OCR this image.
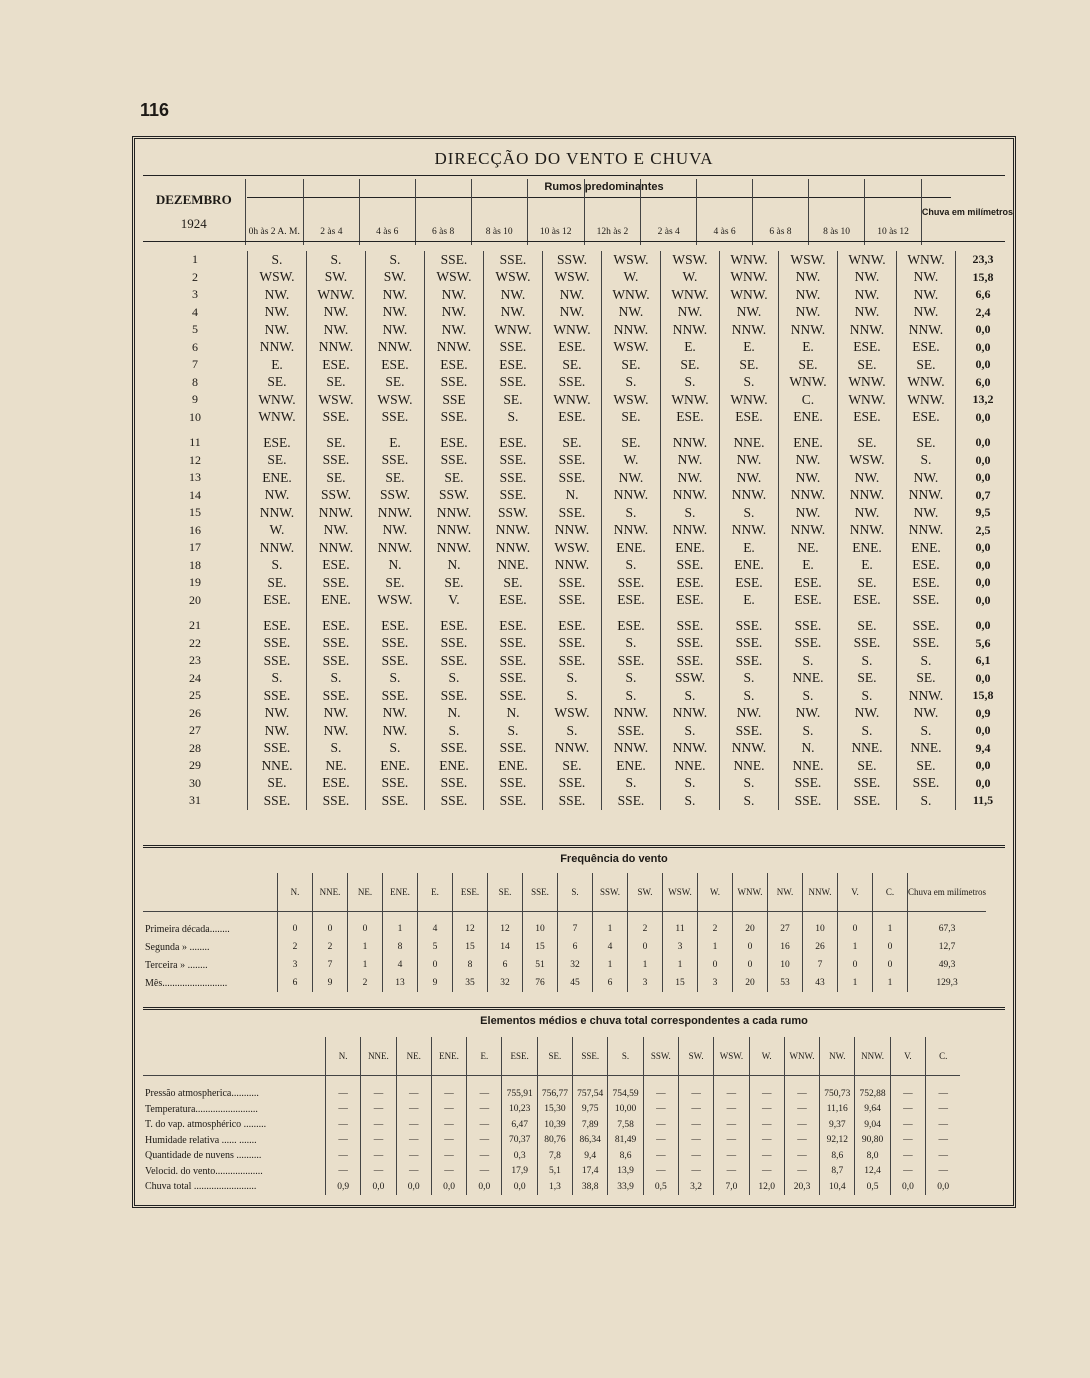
116
DIRECÇÃO DO VENTO E CHUVA
Rumos predominantes
DEZEMBRO
1924
	0h às 2 A. M.	2 às 4	4 às 6	6 às 8	8 às 10	10 às 12	12h às 2	2 às 4	4 às 6	6 às 8	8 às 10	10 às 12	Chuva em milímetros
1	S.	S.	S.	SSE.	SSE.	SSW.	WSW.	WSW.	WNW.	WSW.	WNW.	WNW.	23,3
2	WSW.	SW.	SW.	WSW.	WSW.	WSW.	W.	W.	WNW.	NW.	NW.	NW.	15,8
3	NW.	WNW.	NW.	NW.	NW.	NW.	WNW.	WNW.	WNW.	NW.	NW.	NW.	6,6
4	NW.	NW.	NW.	NW.	NW.	NW.	NW.	NW.	NW.	NW.	NW.	NW.	2,4
5	NW.	NW.	NW.	NW.	WNW.	WNW.	NNW.	NNW.	NNW.	NNW.	NNW.	NNW.	0,0
6	NNW.	NNW.	NNW.	NNW.	SSE.	ESE.	WSW.	E.	E.	E.	ESE.	ESE.	0,0
7	E.	ESE.	ESE.	ESE.	ESE.	SE.	SE.	SE.	SE.	SE.	SE.	SE.	0,0
8	SE.	SE.	SE.	SSE.	SSE.	SSE.	S.	S.	S.	WNW.	WNW.	WNW.	6,0
9	WNW.	WSW.	WSW.	SSE	SE.	WNW.	WSW.	WNW.	WNW.	C.	WNW.	WNW.	13,2
10	WNW.	SSE.	SSE.	SSE.	S.	ESE.	SE.	ESE.	ESE.	ENE.	ESE.	ESE.	0,0

11	ESE.	SE.	E.	ESE.	ESE.	SE.	SE.	NNW.	NNE.	ENE.	SE.	SE.	0,0
12	SE.	SSE.	SSE.	SSE.	SSE.	SSE.	W.	NW.	NW.	NW.	WSW.	S.	0,0
13	ENE.	SE.	SE.	SE.	SSE.	SSE.	NW.	NW.	NW.	NW.	NW.	NW.	0,0
14	NW.	SSW.	SSW.	SSW.	SSE.	N.	NNW.	NNW.	NNW.	NNW.	NNW.	NNW.	0,7
15	NNW.	NNW.	NNW.	NNW.	SSW.	SSE.	S.	S.	S.	NW.	NW.	NW.	9,5
16	W.	NW.	NW.	NNW.	NNW.	NNW.	NNW.	NNW.	NNW.	NNW.	NNW.	NNW.	2,5
17	NNW.	NNW.	NNW.	NNW.	NNW.	WSW.	ENE.	ENE.	E.	NE.	ENE.	ENE.	0,0
18	S.	ESE.	N.	N.	NNE.	NNW.	S.	SSE.	ENE.	E.	E.	ESE.	0,0
19	SE.	SSE.	SE.	SE.	SE.	SSE.	SSE.	ESE.	ESE.	ESE.	SE.	ESE.	0,0
20	ESE.	ENE.	WSW.	V.	ESE.	SSE.	ESE.	ESE.	E.	ESE.	ESE.	SSE.	0,0

21	ESE.	ESE.	ESE.	ESE.	ESE.	ESE.	ESE.	SSE.	SSE.	SSE.	SE.	SSE.	0,0
22	SSE.	SSE.	SSE.	SSE.	SSE.	SSE.	S.	SSE.	SSE.	SSE.	SSE.	SSE.	5,6
23	SSE.	SSE.	SSE.	SSE.	SSE.	SSE.	SSE.	SSE.	SSE.	S.	S.	S.	6,1
24	S.	S.	S.	S.	SSE.	S.	S.	SSW.	S.	NNE.	SE.	SE.	0,0
25	SSE.	SSE.	SSE.	SSE.	SSE.	S.	S.	S.	S.	S.	S.	NNW.	15,8
26	NW.	NW.	NW.	N.	N.	WSW.	NNW.	NNW.	NW.	NW.	NW.	NW.	0,9
27	NW.	NW.	NW.	S.	S.	S.	SSE.	S.	SSE.	S.	S.	S.	0,0
28	SSE.	S.	S.	SSE.	SSE.	NNW.	NNW.	NNW.	NNW.	N.	NNE.	NNE.	9,4
29	NNE.	NE.	ENE.	ENE.	ENE.	SE.	ENE.	NNE.	NNE.	NNE.	SE.	SE.	0,0
30	SE.	ESE.	SSE.	SSE.	SSE.	SSE.	S.	S.	S.	SSE.	SSE.	SSE.	0,0
31	SSE.	SSE.	SSE.	SSE.	SSE.	SSE.	SSE.	S.	S.	SSE.	SSE.	S.	11,5
Frequência do vento
	N.	NNE.	NE.	ENE.	E.	ESE.	SE.	SSE.	S.	SSW.	SW.	WSW.	W.	WNW.	NW.	NNW.	V.	C.	Chuva em milímetros
Primeira década........	0	0	0	1	4	12	12	10	7	1	2	11	2	20	27	10	0	1	67,3
Segunda » ........	2	2	1	8	5	15	14	15	6	4	0	3	1	0	16	26	1	0	12,7
Terceira » ........	3	7	1	4	0	8	6	51	32	1	1	1	0	0	10	7	0	0	49,3
Mês..........................	6	9	2	13	9	35	32	76	45	6	3	15	3	20	53	43	1	1	129,3
Elementos médios e chuva total correspondentes a cada rumo
	N.	NNE.	NE.	ENE.	E.	ESE.	SE.	SSE.	S.	SSW.	SW.	WSW.	W.	WNW.	NW.	NNW.	V.	C.
Pressão atmospherica...........	—	—	—	—	—	755,91	756,77	757,54	754,59	—	—	—	—	—	750,73	752,88	—	—
Temperatura.........................	—	—	—	—	—	10,23	15,30	9,75	10,00	—	—	—	—	—	11,16	9,64	—	—
T. do vap. atmosphérico .........	—	—	—	—	—	6,47	10,39	7,89	7,58	—	—	—	—	—	9,37	9,04	—	—
Humidade relativa ...... .......	—	—	—	—	—	70,37	80,76	86,34	81,49	—	—	—	—	—	92,12	90,80	—	—
Quantidade de nuvens ..........	—	—	—	—	—	0,3	7,8	9,4	8,6	—	—	—	—	—	8,6	8,0	—	—
Velocid. do vento...................	—	—	—	—	—	17,9	5,1	17,4	13,9	—	—	—	—	—	8,7	12,4	—	—
Chuva total .........................	0,9	0,0	0,0	0,0	0,0	0,0	1,3	38,8	33,9	0,5	3,2	7,0	12,0	20,3	10,4	0,5	0,0	0,0
